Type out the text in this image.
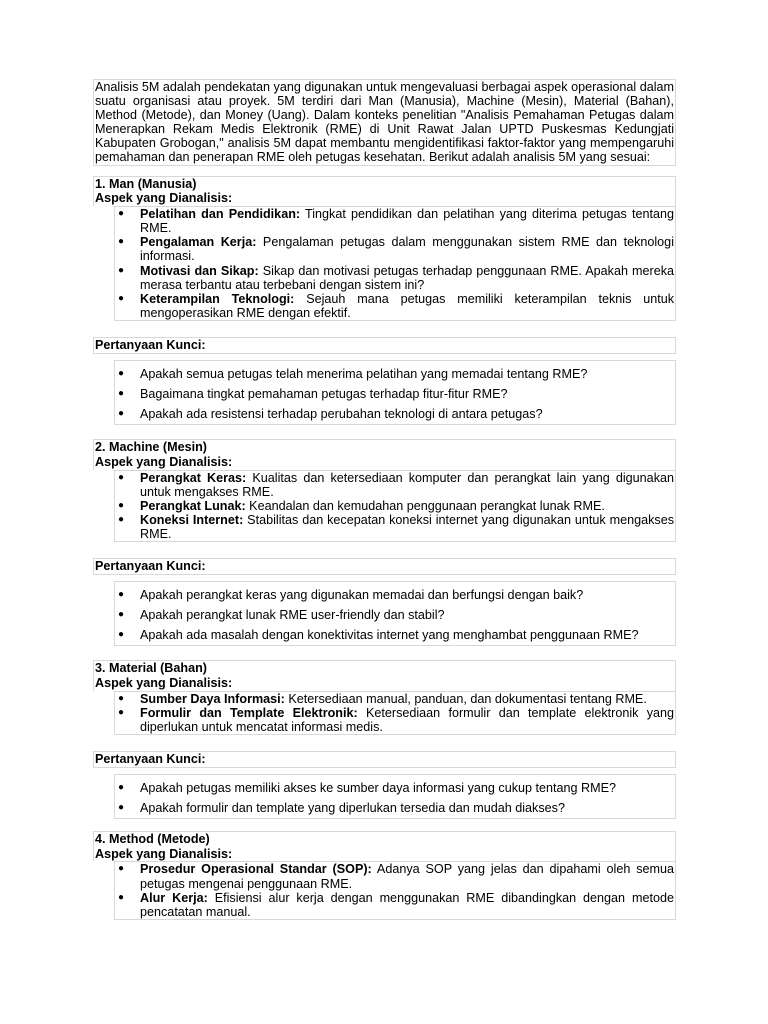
Analisis 5M adalah pendekatan yang digunakan untuk mengevaluasi berbagai aspek operasional dalam suatu organisasi atau proyek. 5M terdiri dari Man (Manusia), Machine (Mesin), Material (Bahan), Method (Metode), dan Money (Uang). Dalam konteks penelitian "Analisis Pemahaman Petugas dalam Menerapkan Rekam Medis Elektronik (RME) di Unit Rawat Jalan UPTD Puskesmas Kedungjati Kabupaten Grobogan," analisis 5M dapat membantu mengidentifikasi faktor-faktor yang mempengaruhi pemahaman dan penerapan RME oleh petugas kesehatan. Berikut adalah analisis 5M yang sesuai:

1. Man (Manusia)
Aspek yang Dianalisis:
● Pelatihan dan Pendidikan: Tingkat pendidikan dan pelatihan yang diterima petugas tentang RME.
● Pengalaman Kerja: Pengalaman petugas dalam menggunakan sistem RME dan teknologi informasi.
● Motivasi dan Sikap: Sikap dan motivasi petugas terhadap penggunaan RME. Apakah mereka merasa terbantu atau terbebani dengan sistem ini?
● Keterampilan Teknologi: Sejauh mana petugas memiliki keterampilan teknis untuk mengoperasikan RME dengan efektif.
Pertanyaan Kunci:
● Apakah semua petugas telah menerima pelatihan yang memadai tentang RME?
● Bagaimana tingkat pemahaman petugas terhadap fitur-fitur RME?
● Apakah ada resistensi terhadap perubahan teknologi di antara petugas?
2. Machine (Mesin)
Aspek yang Dianalisis:
● Perangkat Keras: Kualitas dan ketersediaan komputer dan perangkat lain yang digunakan untuk mengakses RME.
● Perangkat Lunak: Keandalan dan kemudahan penggunaan perangkat lunak RME.
● Koneksi Internet: Stabilitas dan kecepatan koneksi internet yang digunakan untuk mengakses RME.
Pertanyaan Kunci:
● Apakah perangkat keras yang digunakan memadai dan berfungsi dengan baik?
● Apakah perangkat lunak RME user-friendly dan stabil?
● Apakah ada masalah dengan konektivitas internet yang menghambat penggunaan RME?
3. Material (Bahan)
Aspek yang Dianalisis:
● Sumber Daya Informasi: Ketersediaan manual, panduan, dan dokumentasi tentang RME.
● Formulir dan Template Elektronik: Ketersediaan formulir dan template elektronik yang diperlukan untuk mencatat informasi medis.
Pertanyaan Kunci:
● Apakah petugas memiliki akses ke sumber daya informasi yang cukup tentang RME?
● Apakah formulir dan template yang diperlukan tersedia dan mudah diakses?
4. Method (Metode)
Aspek yang Dianalisis:
● Prosedur Operasional Standar (SOP): Adanya SOP yang jelas dan dipahami oleh semua petugas mengenai penggunaan RME.
● Alur Kerja: Efisiensi alur kerja dengan menggunakan RME dibandingkan dengan metode pencatatan manual.
